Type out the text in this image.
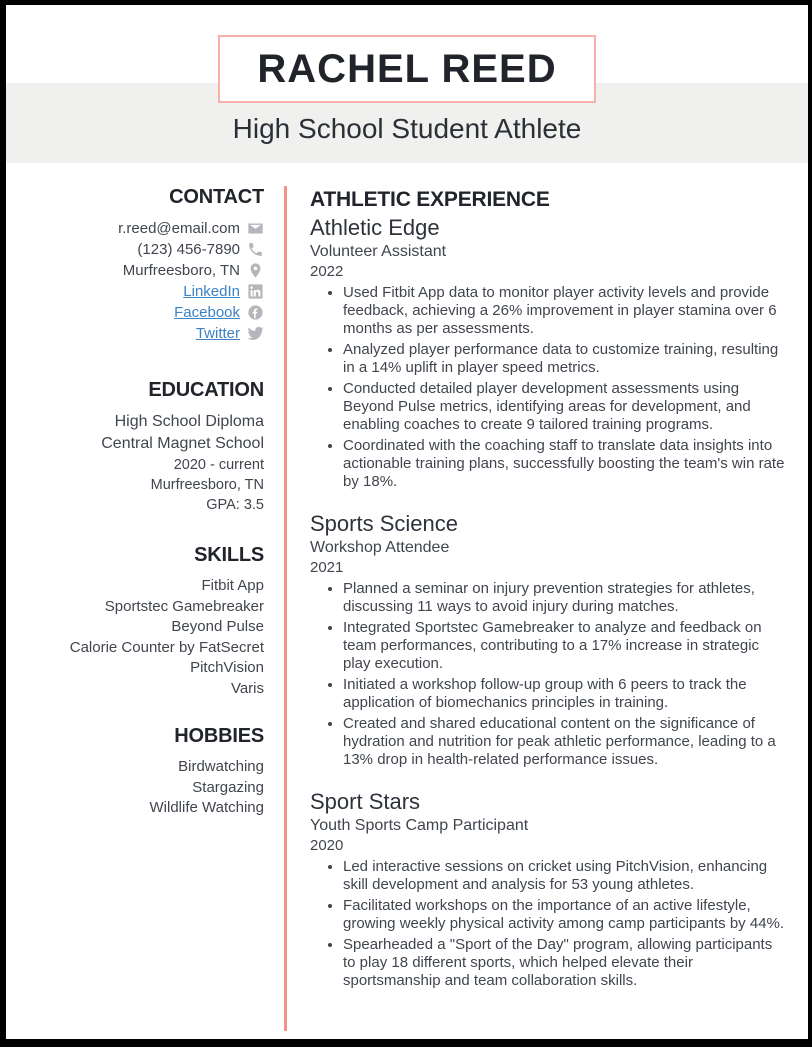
RACHEL REED
High School Student Athlete
CONTACT
r.reed@email.com
(123) 456-7890
Murfreesboro, TN
LinkedIn
Facebook
Twitter
EDUCATION
High School Diploma
Central Magnet School
2020 - current
Murfreesboro, TN
GPA: 3.5
SKILLS
Fitbit App
Sportstec Gamebreaker
Beyond Pulse
Calorie Counter by FatSecret
PitchVision
Varis
HOBBIES
Birdwatching
Stargazing
Wildlife Watching
ATHLETIC EXPERIENCE
Athletic Edge
Volunteer Assistant
2022
• Used Fitbit App data to monitor player activity levels and provide feedback, achieving a 26% improvement in player stamina over 6 months as per assessments.
• Analyzed player performance data to customize training, resulting in a 14% uplift in player speed metrics.
• Conducted detailed player development assessments using Beyond Pulse metrics, identifying areas for development, and enabling coaches to create 9 tailored training programs.
• Coordinated with the coaching staff to translate data insights into actionable training plans, successfully boosting the team's win rate by 18%.
Sports Science
Workshop Attendee
2021
• Planned a seminar on injury prevention strategies for athletes, discussing 11 ways to avoid injury during matches.
• Integrated Sportstec Gamebreaker to analyze and feedback on team performances, contributing to a 17% increase in strategic play execution.
• Initiated a workshop follow-up group with 6 peers to track the application of biomechanics principles in training.
• Created and shared educational content on the significance of hydration and nutrition for peak athletic performance, leading to a 13% drop in health-related performance issues.
Sport Stars
Youth Sports Camp Participant
2020
• Led interactive sessions on cricket using PitchVision, enhancing skill development and analysis for 53 young athletes.
• Facilitated workshops on the importance of an active lifestyle, growing weekly physical activity among camp participants by 44%.
• Spearheaded a "Sport of the Day" program, allowing participants to play 18 different sports, which helped elevate their sportsmanship and team collaboration skills.
